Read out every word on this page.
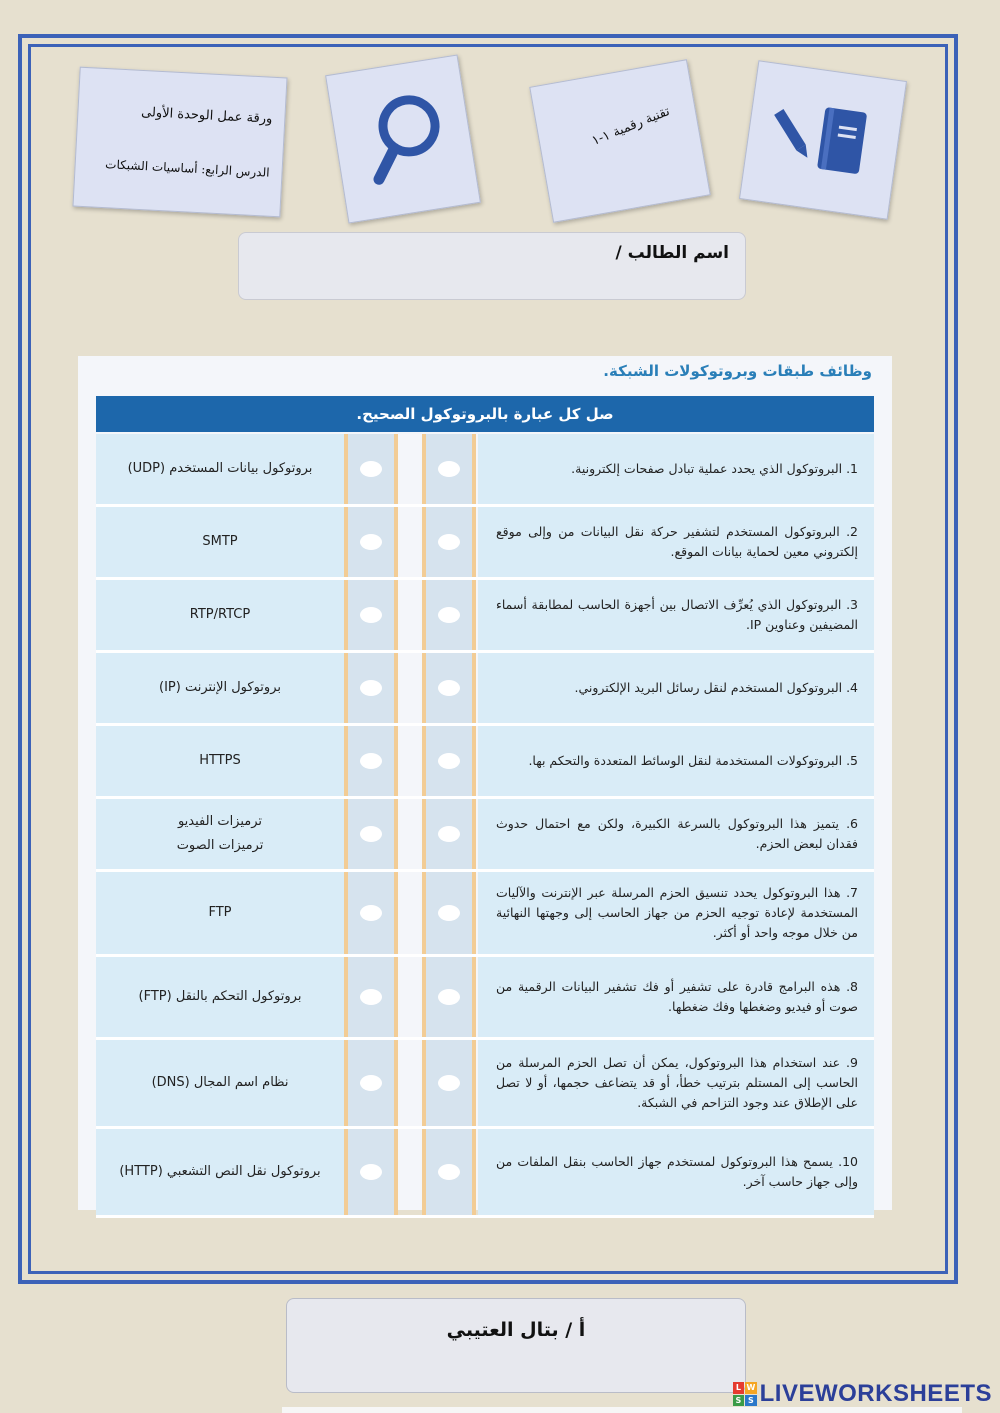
ورقة عمل الوحدة الأولى
الدرس الرابع: أساسيات الشبكات
تقنية رقمية ١-١
اسم الطالب /
وظائف طبقات وبروتوكولات الشبكة.
صل كل عبارة بالبروتوكول الصحيح.
1. البروتوكول الذي يحدد عملية تبادل صفحات إلكترونية.
بروتوكول بيانات المستخدم (UDP)
2. البروتوكول المستخدم لتشفير حركة نقل البيانات من وإلى موقع إلكتروني معين لحماية بيانات الموقع.
SMTP
3. البروتوكول الذي يُعرِّف الاتصال بين أجهزة الحاسب لمطابقة أسماء المضيفين وعناوين IP.
RTP/RTCP
4. البروتوكول المستخدم لنقل رسائل البريد الإلكتروني.
بروتوكول الإنترنت (IP)
5. البروتوكولات المستخدمة لنقل الوسائط المتعددة والتحكم بها.
HTTPS
6. يتميز هذا البروتوكول بالسرعة الكبيرة، ولكن مع احتمال حدوث فقدان لبعض الحزم.
ترميزات الفيديو
ترميزات الصوت
7. هذا البروتوكول يحدد تنسيق الحزم المرسلة عبر الإنترنت والآليات المستخدمة لإعادة توجيه الحزم من جهاز الحاسب إلى وجهتها النهائية من خلال موجه واحد أو أكثر.
FTP
8. هذه البرامج قادرة على تشفير أو فك تشفير البيانات الرقمية من صوت أو فيديو وضغطها وفك ضغطها.
بروتوكول التحكم بالنقل (FTP)
9. عند استخدام هذا البروتوكول، يمكن أن تصل الحزم المرسلة من الحاسب إلى المستلم بترتيب خطأ، أو قد يتضاعف حجمها، أو لا تصل على الإطلاق عند وجود التزاحم في الشبكة.
نظام اسم المجال (DNS)
10. يسمح هذا البروتوكول لمستخدم جهاز الحاسب بنقل الملفات من وإلى جهاز حاسب آخر.
بروتوكول نقل النص التشعبي (HTTP)
أ / بتال العتيبي
L W
S S LIVEWORKSHEETS
